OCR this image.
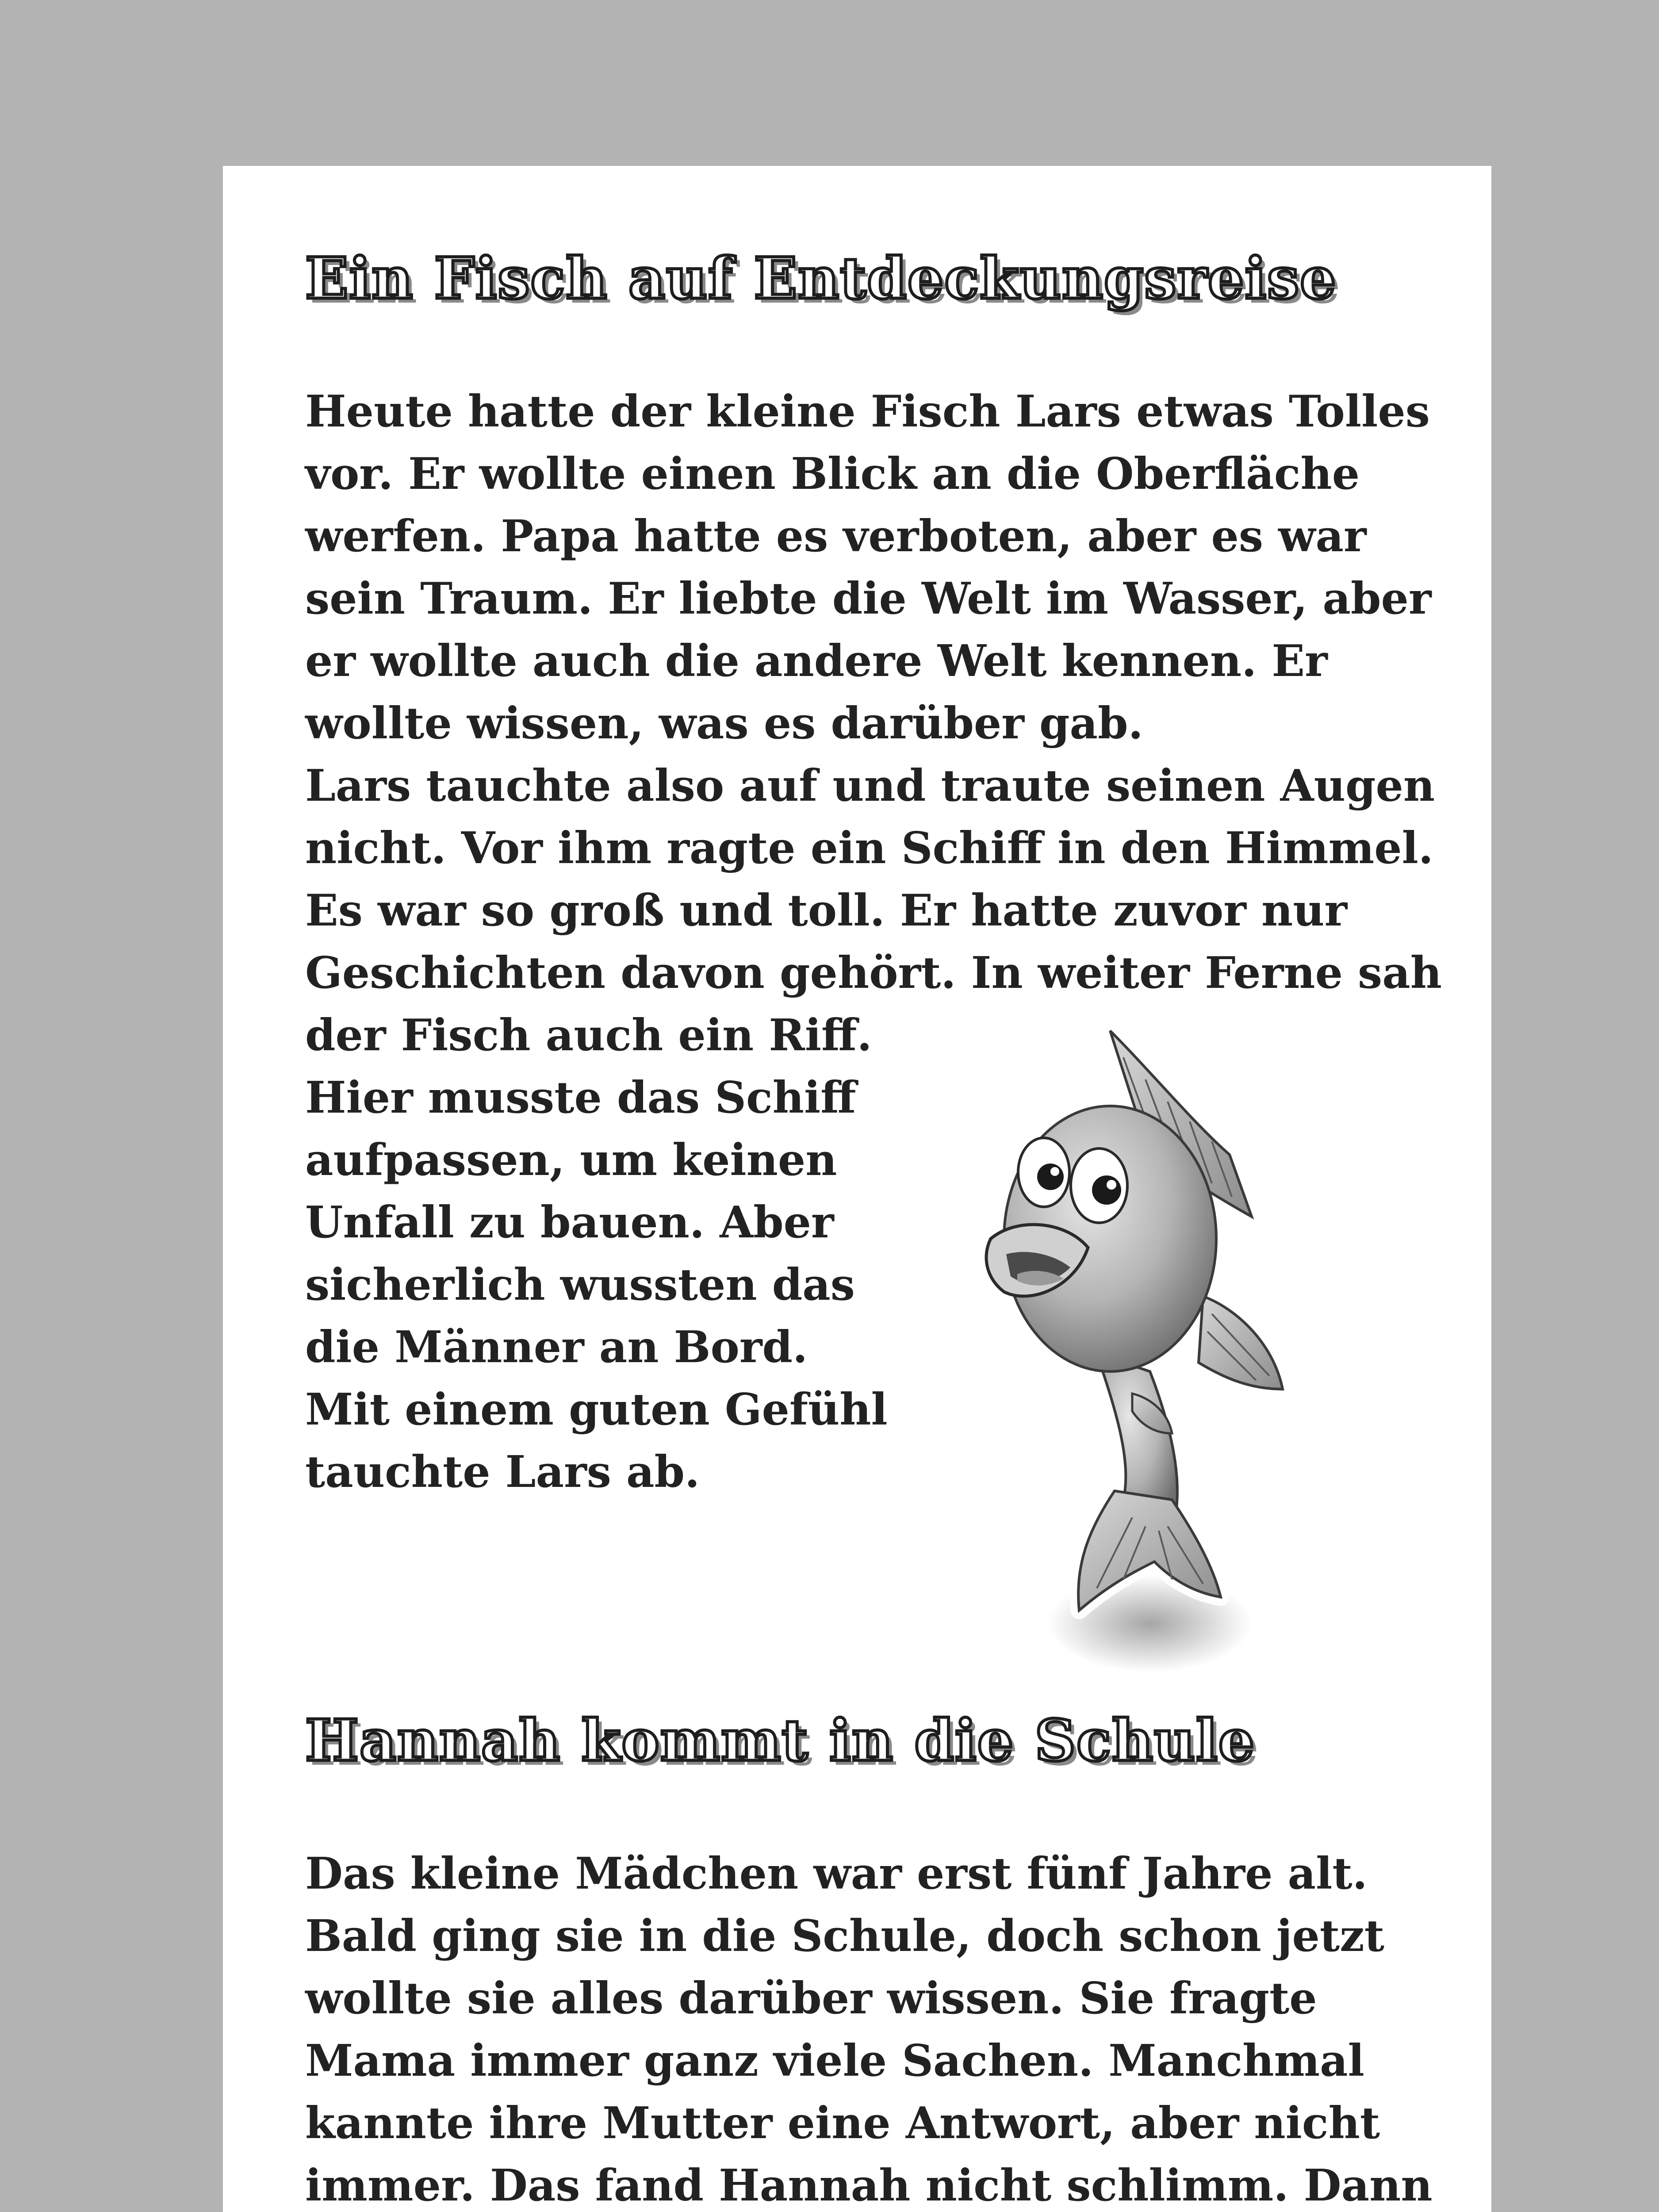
Ein Fisch auf Entdeckungsreise

Heute hatte der kleine Fisch Lars etwas Tolles

vor. Er wollte einen Blick an die Oberfläche

werfen. Papa hatte es verboten, aber es war

sein Traum. Er liebte die Welt im Wasser, aber

er wollte auch die andere Welt kennen. Er

wollte wissen, was es darüber gab.

Lars tauchte also auf und traute seinen Augen

nicht. Vor ihm ragte ein Schiff in den Himmel.

Es war so groß und toll. Er hatte zuvor nur

Geschichten davon gehört. In weiter Ferne sah

der Fisch auch ein Riff.

Hier musste das Schiff

aufpassen, um keinen

Unfall zu bauen. Aber

sicherlich wussten das

die Männer an Bord.

Mit einem guten Gefühl

tauchte Lars ab.

Hannah kommt in die Schule

Das kleine Mädchen war erst fünf Jahre alt.

Bald ging sie in die Schule, doch schon jetzt

wollte sie alles darüber wissen. Sie fragte

Mama immer ganz viele Sachen. Manchmal

kannte ihre Mutter eine Antwort, aber nicht

immer. Das fand Hannah nicht schlimm. Dann
